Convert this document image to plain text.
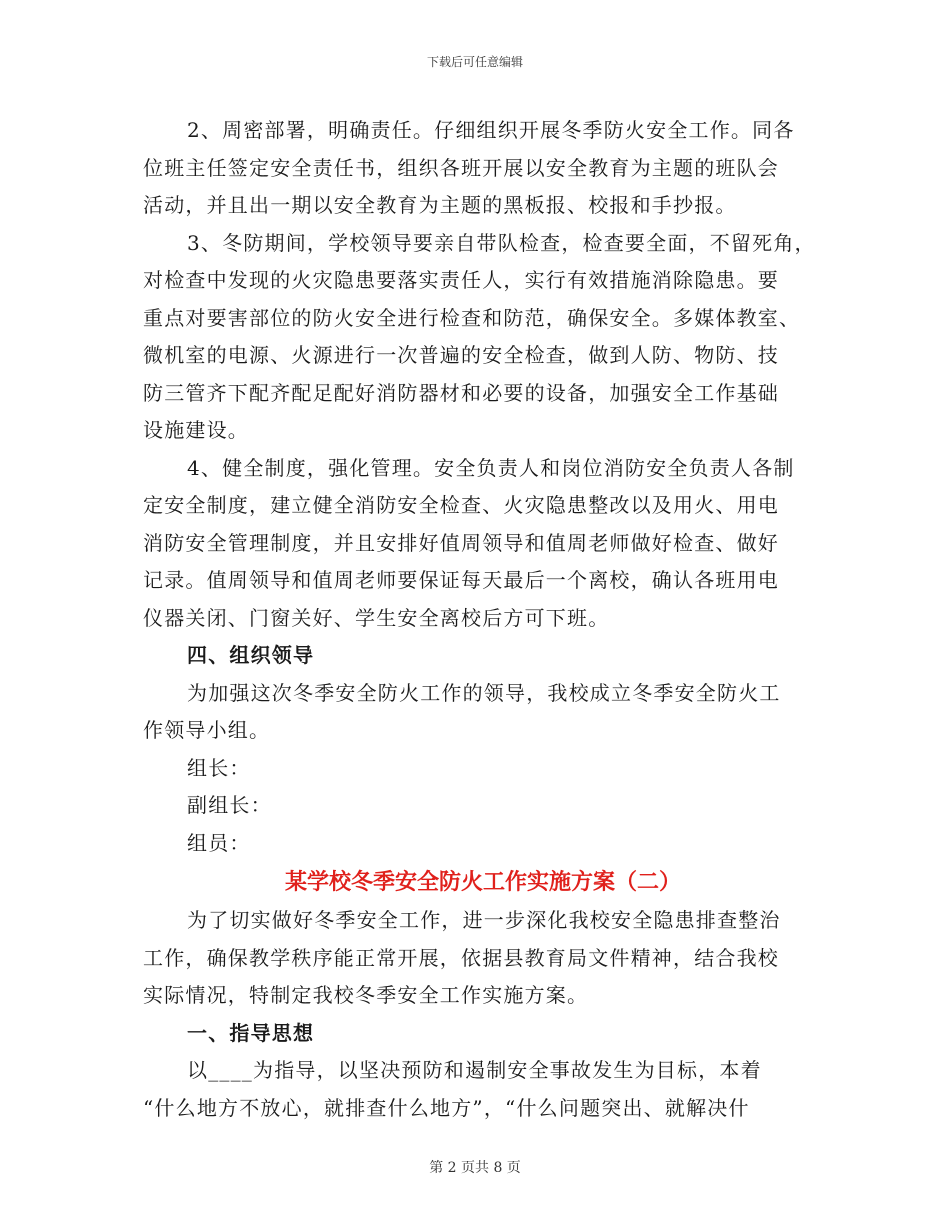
下载后可任意编辑
2、周密部署，明确责任。仔细组织开展冬季防火安全工作。同各
位班主任签定安全责任书，组织各班开展以安全教育为主题的班队会
活动，并且出一期以安全教育为主题的黑板报、校报和手抄报。
3、冬防期间，学校领导要亲自带队检查，检查要全面，不留死角，
对检查中发现的火灾隐患要落实责任人，实行有效措施消除隐患。要
重点对要害部位的防火安全进行检查和防范，确保安全。多媒体教室、
微机室的电源、火源进行一次普遍的安全检查，做到人防、物防、技
防三管齐下配齐配足配好消防器材和必要的设备，加强安全工作基础
设施建设。
4、健全制度，强化管理。安全负责人和岗位消防安全负责人各制
定安全制度，建立健全消防安全检查、火灾隐患整改以及用火、用电
消防安全管理制度，并且安排好值周领导和值周老师做好检查、做好
记录。值周领导和值周老师要保证每天最后一个离校，确认各班用电
仪器关闭、门窗关好、学生安全离校后方可下班。
四、组织领导
为加强这次冬季安全防火工作的领导，我校成立冬季安全防火工
作领导小组。
组长：
副组长：
组员：
某学校冬季安全防火工作实施方案（二）
为了切实做好冬季安全工作，进一步深化我校安全隐患排查整治
工作，确保教学秩序能正常开展，依据县教育局文件精神，结合我校
实际情况，特制定我校冬季安全工作实施方案。
一、指导思想
以____为指导，以坚决预防和遏制安全事故发生为目标，本着
“什么地方不放心，就排查什么地方”，“什么问题突出、就解决什
第 2 页共 8 页
